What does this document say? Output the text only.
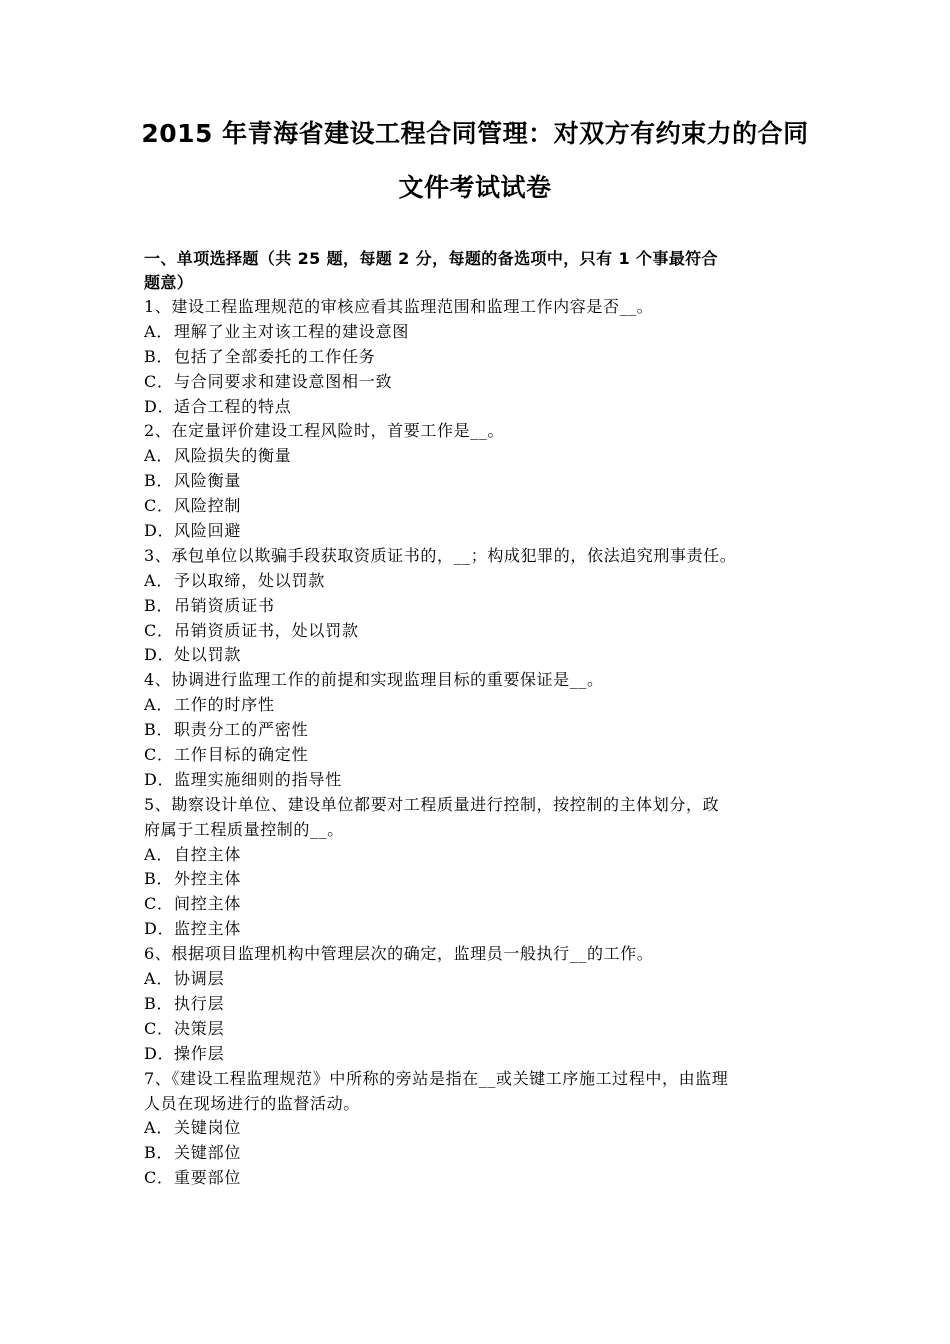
2015 年青海省建设工程合同管理：对双方有约束力的合同
文件考试试卷
一、单项选择题（共 25 题，每题 2 分，每题的备选项中，只有 1 个事最符合
题意）
1、建设工程监理规范的审核应看其监理范围和监理工作内容是否__。
A．理解了业主对该工程的建设意图
B．包括了全部委托的工作任务
C．与合同要求和建设意图相一致
D．适合工程的特点
2、在定量评价建设工程风险时，首要工作是__。
A．风险损失的衡量
B．风险衡量
C．风险控制
D．风险回避
3、承包单位以欺骗手段获取资质证书的，__；构成犯罪的，依法追究刑事责任。
A．予以取缔，处以罚款
B．吊销资质证书
C．吊销资质证书，处以罚款
D．处以罚款
4、协调进行监理工作的前提和实现监理目标的重要保证是__。
A．工作的时序性
B．职责分工的严密性
C．工作目标的确定性
D．监理实施细则的指导性
5、勘察设计单位、建设单位都要对工程质量进行控制，按控制的主体划分，政
府属于工程质量控制的__。
A．自控主体
B．外控主体
C．间控主体
D．监控主体
6、根据项目监理机构中管理层次的确定，监理员一般执行__的工作。
A．协调层
B．执行层
C．决策层
D．操作层
7、《建设工程监理规范》中所称的旁站是指在__或关键工序施工过程中，由监理
人员在现场进行的监督活动。
A．关键岗位
B．关键部位
C．重要部位
